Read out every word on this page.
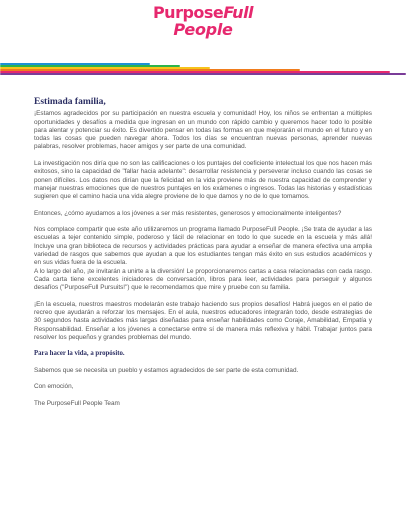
PurposeFull
People
Estimada familia,

¡Estamos agradecidos por su participación en nuestra escuela y comunidad! Hoy, los niños se enfrentan a múltiples oportunidades y desafíos a medida que ingresan en un mundo con rápido cambio y queremos hacer todo lo posible para alentar y potenciar su éxito. Es divertido pensar en todas las formas en que mejorarán el mundo en el futuro y en todas las cosas que pueden navegar ahora. Todos los días se encuentran nuevas personas, aprender nuevas palabras, resolver problemas, hacer amigos y ser parte de una comunidad.

La investigación nos diría que no son las calificaciones o los puntajes del coeficiente intelectual los que nos hacen más exitosos, sino la capacidad de "fallar hacia adelante": desarrollar resistencia y perseverar incluso cuando las cosas se ponen difíciles. Los datos nos dirían que la felicidad en la vida proviene más de nuestra capacidad de comprender y manejar nuestras emociones que de nuestros puntajes en los exámenes o ingresos. Todas las historias y estadísticas sugieren que el camino hacia una vida alegre proviene de lo que damos y no de lo que tomamos.

Entonces, ¿cómo ayudamos a los jóvenes a ser más resistentes, generosos y emocionalmente inteligentes?

Nos complace compartir que este año utilizaremos un programa llamado PurposeFull People. ¡Se trata de ayudar a las escuelas a tejer contenido simple, poderoso y fácil de relacionar en todo lo que sucede en la escuela y más allá! Incluye una gran biblioteca de recursos y actividades prácticas para ayudar a enseñar de manera efectiva una amplia variedad de rasgos que sabemos que ayudan a que los estudiantes tengan más éxito en sus estudios académicos y en sus vidas fuera de la escuela.

A lo largo del año, ¡te invitarán a unirte a la diversión! Le proporcionaremos cartas a casa relacionadas con cada rasgo. Cada carta tiene excelentes iniciadores de conversación, libros para leer, actividades para perseguir y algunos desafíos ("PurposeFull Pursuits!") que le recomendamos que mire y pruebe con su familia.

¡En la escuela, nuestros maestros modelarán este trabajo haciendo sus propios desafíos! Habrá juegos en el patio de recreo que ayudarán a reforzar los mensajes. En el aula, nuestros educadores integrarán todo, desde estrategias de 30 segundos hasta actividades más largas diseñadas para enseñar habilidades como Coraje, Amabilidad, Empatía y Responsabilidad. Enseñar a los jóvenes a conectarse entre sí de manera más reflexiva y hábil. Trabajar juntos para resolver los pequeños y grandes problemas del mundo.

Para hacer la vida, a propósito.

Sabemos que se necesita un pueblo y estamos agradecidos de ser parte de esta comunidad.

Con emoción,

The PurposeFull People Team
